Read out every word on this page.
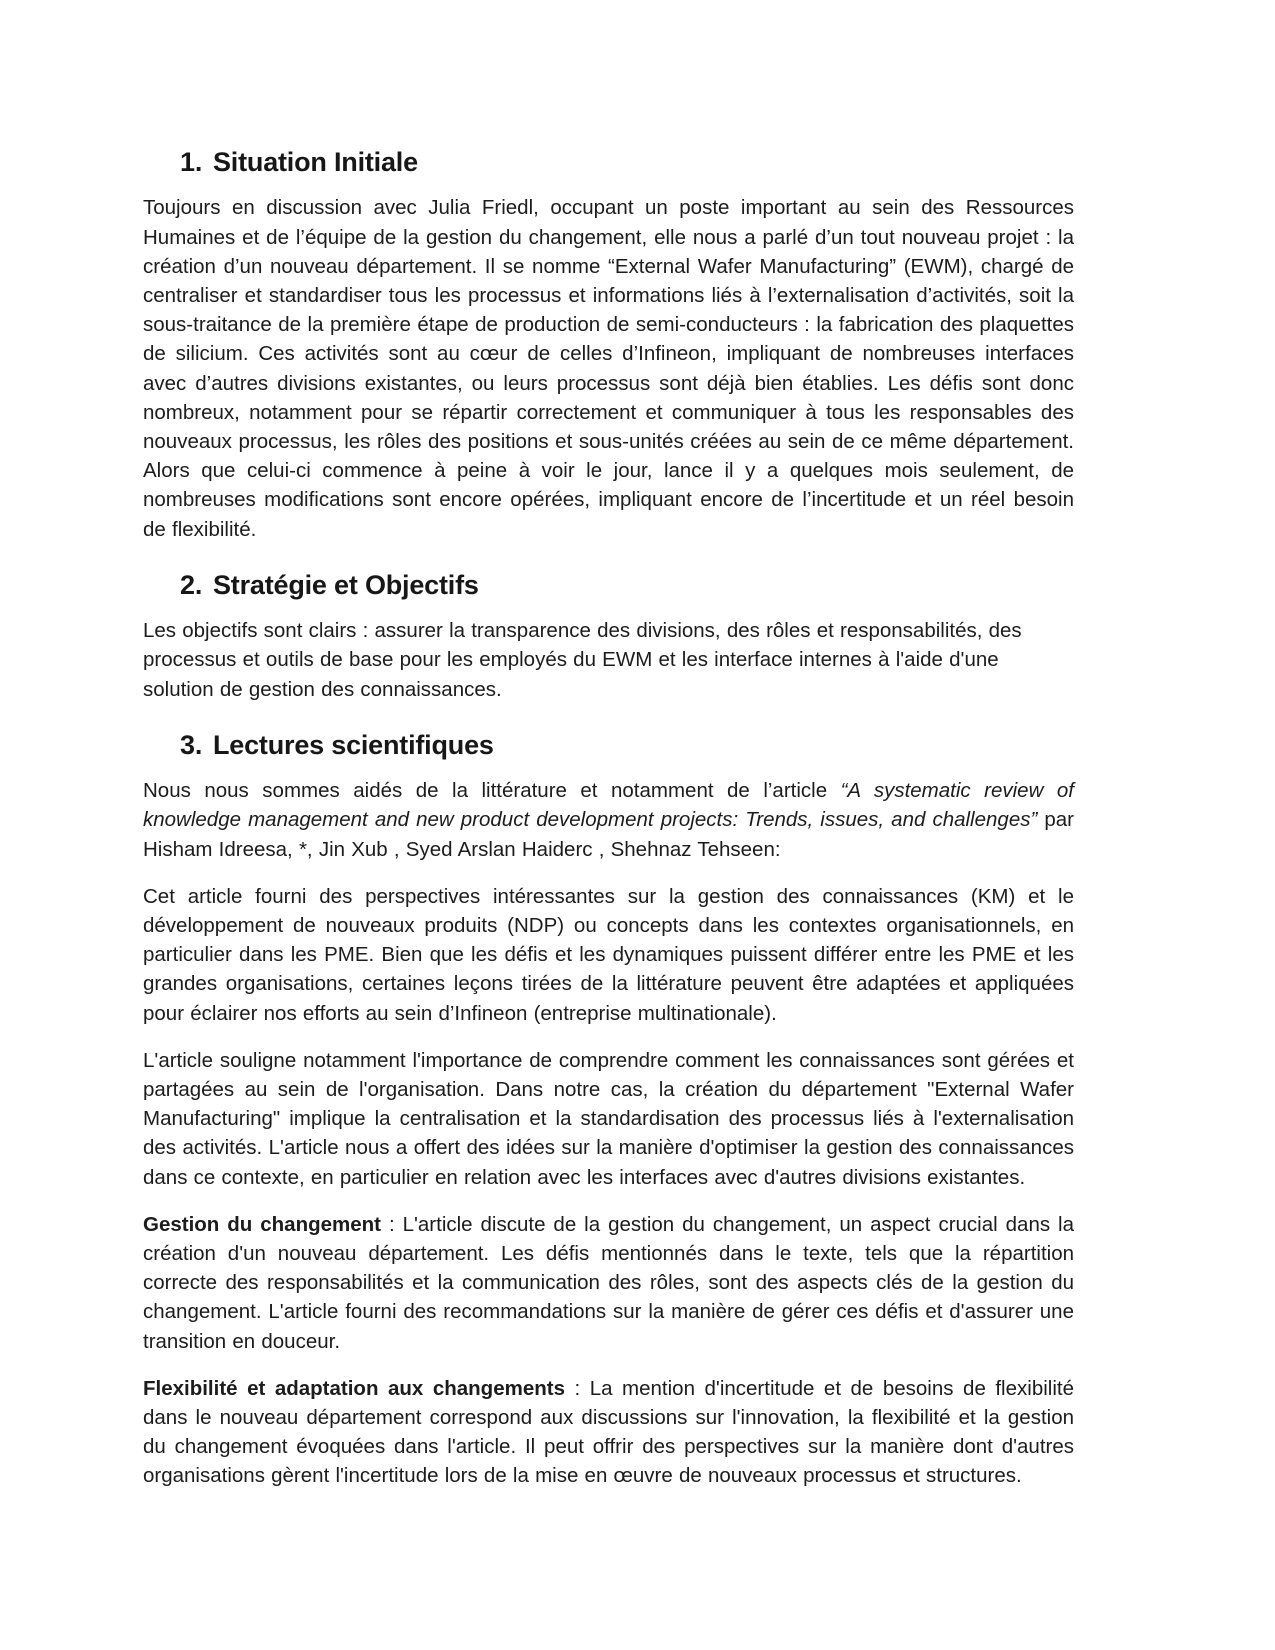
1. Situation Initiale

Toujours en discussion avec Julia Friedl, occupant un poste important au sein des Ressources Humaines et de l’équipe de la gestion du changement, elle nous a parlé d’un tout nouveau projet : la création d’un nouveau département. Il se nomme “External Wafer Manufacturing” (EWM), chargé de centraliser et standardiser tous les processus et informations liés à l’externalisation d’activités, soit la sous-traitance de la première étape de production de semi-conducteurs : la fabrication des plaquettes de silicium. Ces activités sont au cœur de celles d’Infineon, impliquant de nombreuses interfaces avec d’autres divisions existantes, ou leurs processus sont déjà bien établies. Les défis sont donc nombreux, notamment pour se répartir correctement et communiquer à tous les responsables des nouveaux processus, les rôles des positions et sous-unités créées au sein de ce même département. Alors que celui-ci commence à peine à voir le jour, lance il y a quelques mois seulement, de nombreuses modifications sont encore opérées, impliquant encore de l’incertitude et un réel besoin de flexibilité.

2. Stratégie et Objectifs

Les objectifs sont clairs : assurer la transparence des divisions, des rôles et responsabilités, des processus et outils de base pour les employés du EWM et les interface internes à l'aide d'une solution de gestion des connaissances.

3. Lectures scientifiques

Nous nous sommes aidés de la littérature et notamment de l’article “A systematic review of knowledge management and new product development projects: Trends, issues, and challenges” par Hisham Idreesa, *, Jin Xub , Syed Arslan Haiderc , Shehnaz Tehseen:

Cet article fourni des perspectives intéressantes sur la gestion des connaissances (KM) et le développement de nouveaux produits (NDP) ou concepts dans les contextes organisationnels, en particulier dans les PME. Bien que les défis et les dynamiques puissent différer entre les PME et les grandes organisations, certaines leçons tirées de la littérature peuvent être adaptées et appliquées pour éclairer nos efforts au sein d’Infineon (entreprise multinationale).

L'article souligne notamment l'importance de comprendre comment les connaissances sont gérées et partagées au sein de l'organisation. Dans notre cas, la création du département "External Wafer Manufacturing" implique la centralisation et la standardisation des processus liés à l'externalisation des activités. L'article nous a offert des idées sur la manière d'optimiser la gestion des connaissances dans ce contexte, en particulier en relation avec les interfaces avec d'autres divisions existantes.

Gestion du changement : L'article discute de la gestion du changement, un aspect crucial dans la création d'un nouveau département. Les défis mentionnés dans le texte, tels que la répartition correcte des responsabilités et la communication des rôles, sont des aspects clés de la gestion du changement. L'article fourni des recommandations sur la manière de gérer ces défis et d'assurer une transition en douceur.

Flexibilité et adaptation aux changements : La mention d'incertitude et de besoins de flexibilité dans le nouveau département correspond aux discussions sur l'innovation, la flexibilité et la gestion du changement évoquées dans l'article. Il peut offrir des perspectives sur la manière dont d'autres organisations gèrent l'incertitude lors de la mise en œuvre de nouveaux processus et structures.
